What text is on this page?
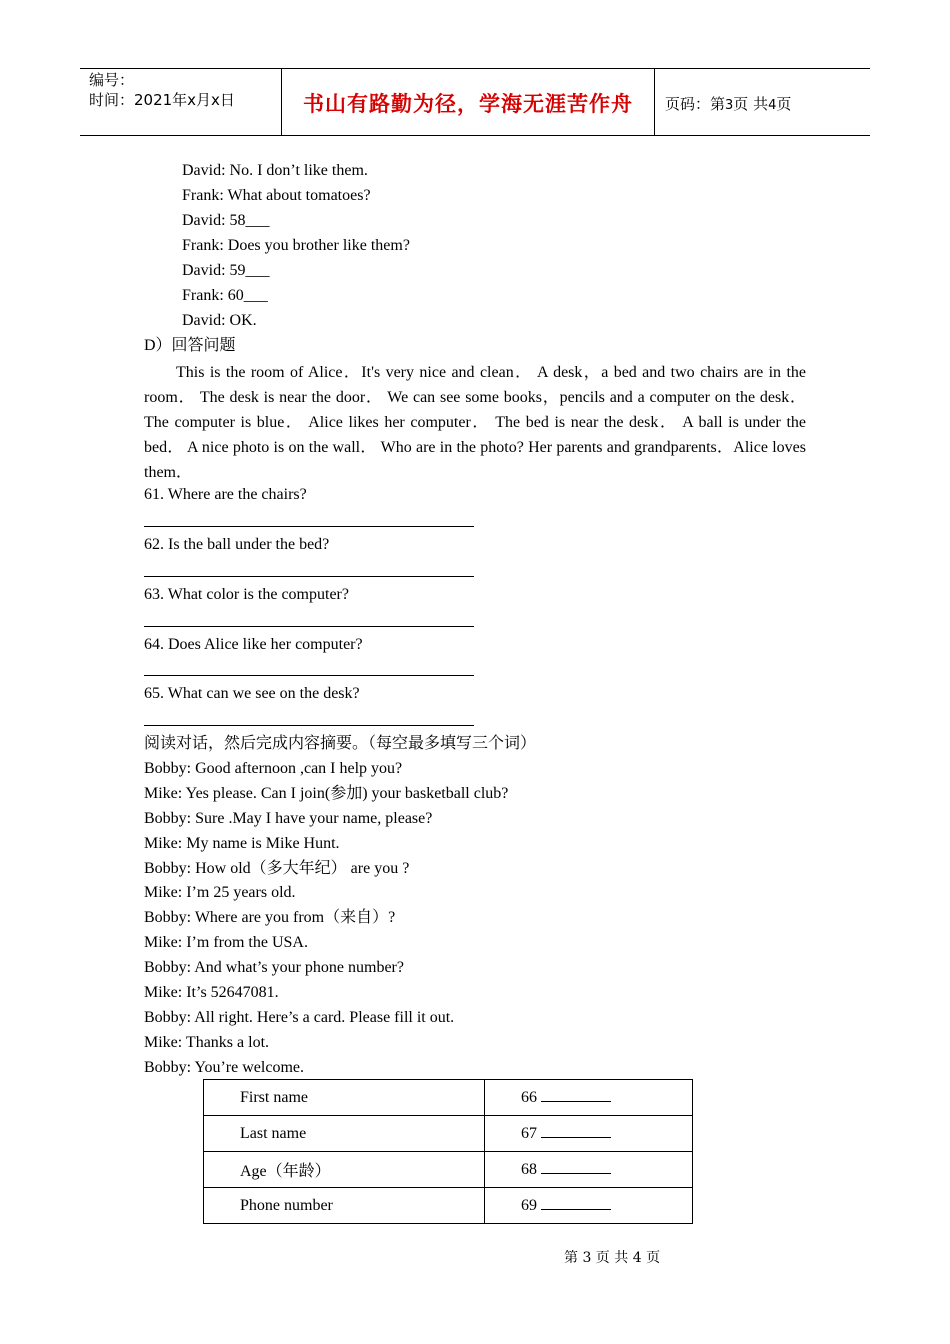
编号：
时间：2021年x月x日	书山有路勤为径，学海无涯苦作舟	页码：第3页 共4页
David: No. I don’t like them.
Frank: What about tomatoes?
David: 58___
Frank: Does you brother like them?
David: 59___
Frank: 60___
David: OK.
D）回答问题
This is the room of Alice．It's very nice and clean． A desk，a bed and two chairs are in the room． The desk is near the door． We can see some books，pencils and a computer on the desk． The computer is blue． Alice likes her computer． The bed is near the desk． A ball is under the bed． A nice photo is on the wall． Who are in the photo? Her parents and grandparents．Alice loves them．
61. Where are the chairs?
62. Is the ball under the bed?
63. What color is the computer?
64. Does Alice like her computer?
65. What can we see on the desk?
阅读对话，然后完成内容摘要。（每空最多填写三个词）
Bobby: Good afternoon ,can I help you?
Mike: Yes please. Can I join(参加) your basketball club?
Bobby: Sure .May I have your name, please?
Mike: My name is Mike Hunt.
Bobby: How old（多大年纪） are you ?
Mike: I’m 25 years old.
Bobby: Where are you from（来自）?
Mike: I’m from the USA.
Bobby: And what’s your phone number?
Mike: It’s 52647081.
Bobby: All right. Here’s a card. Please fill it out.
Mike: Thanks a lot.
Bobby: You’re welcome.
First name	66
Last name	67
Age（年龄）	68
Phone number	69
第 3 页 共 4 页
